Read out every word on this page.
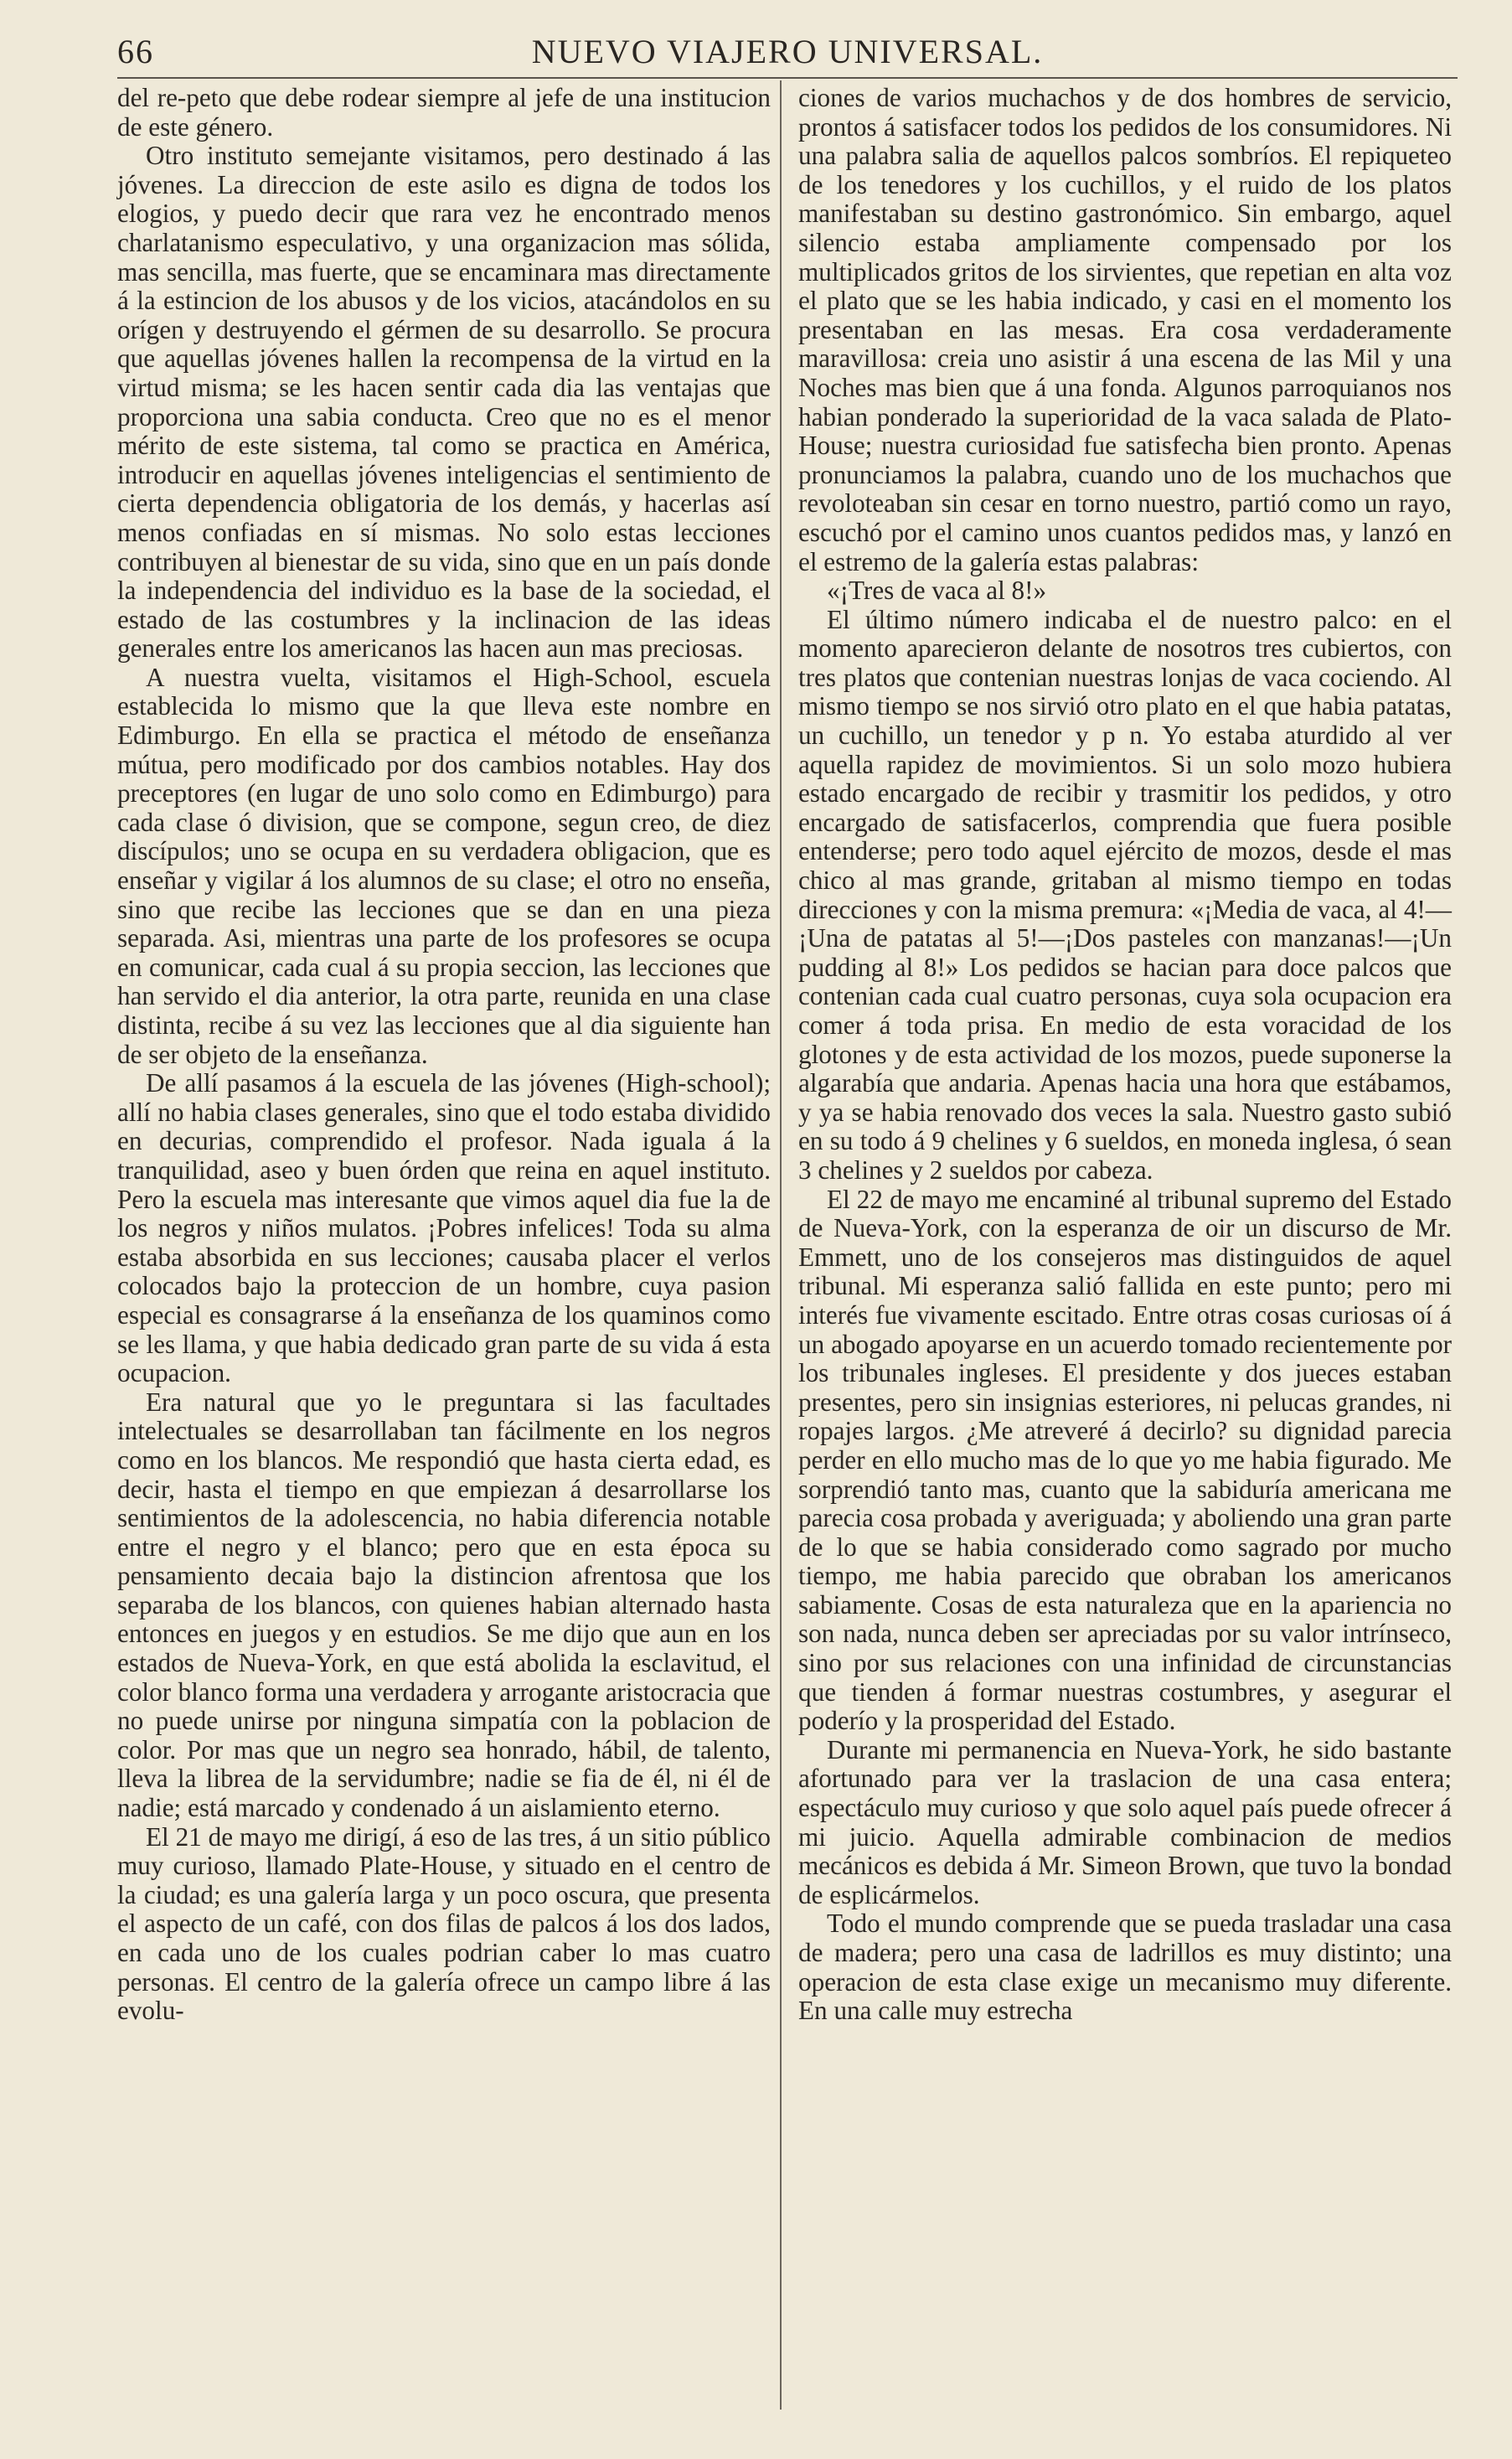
66	NUEVO VIAJERO UNIVERSAL.

del re-peto que debe rodear siempre al jefe de una institucion de este género.

Otro instituto semejante visitamos, pero destinado á las jóvenes. La direccion de este asilo es digna de todos los elogios, y puedo decir que rara vez he encontrado menos charlatanismo especulativo, y una organizacion mas sólida, mas sencilla, mas fuerte, que se encaminara mas directamente á la estincion de los abusos y de los vicios, atacándolos en su orígen y destruyendo el gérmen de su desarrollo. Se procura que aquellas jóvenes hallen la recompensa de la virtud en la virtud misma; se les hacen sentir cada dia las ventajas que proporciona una sabia conducta. Creo que no es el menor mérito de este sistema, tal como se practica en América, introducir en aquellas jóvenes inteligencias el sentimiento de cierta dependencia obligatoria de los demás, y hacerlas así menos confiadas en sí mismas. No solo estas lecciones contribuyen al bienestar de su vida, sino que en un país donde la independencia del individuo es la base de la sociedad, el estado de las costumbres y la inclinacion de las ideas generales entre los americanos las hacen aun mas preciosas.

A nuestra vuelta, visitamos el High-School, escuela establecida lo mismo que la que lleva este nombre en Edimburgo. En ella se practica el método de enseñanza mútua, pero modificado por dos cambios notables. Hay dos preceptores (en lugar de uno solo como en Edimburgo) para cada clase ó division, que se compone, segun creo, de diez discípulos; uno se ocupa en su verdadera obligacion, que es enseñar y vigilar á los alumnos de su clase; el otro no enseña, sino que recibe las lecciones que se dan en una pieza separada. Asi, mientras una parte de los profesores se ocupa en comunicar, cada cual á su propia seccion, las lecciones que han servido el dia anterior, la otra parte, reunida en una clase distinta, recibe á su vez las lecciones que al dia siguiente han de ser objeto de la enseñanza.

De allí pasamos á la escuela de las jóvenes (High-school); allí no habia clases generales, sino que el todo estaba dividido en decurias, comprendido el profesor. Nada iguala á la tranquilidad, aseo y buen órden que reina en aquel instituto. Pero la escuela mas interesante que vimos aquel dia fue la de los negros y niños mulatos. ¡Pobres infelices! Toda su alma estaba absorbida en sus lecciones; causaba placer el verlos colocados bajo la proteccion de un hombre, cuya pasion especial es consagrarse á la enseñanza de los quaminos como se les llama, y que habia dedicado gran parte de su vida á esta ocupacion.

Era natural que yo le preguntara si las facultades intelectuales se desarrollaban tan fácilmente en los negros como en los blancos. Me respondió que hasta cierta edad, es decir, hasta el tiempo en que empiezan á desarrollarse los sentimientos de la adolescencia, no habia diferencia notable entre el negro y el blanco; pero que en esta época su pensamiento decaia bajo la distincion afrentosa que los separaba de los blancos, con quienes habian alternado hasta entonces en juegos y en estudios. Se me dijo que aun en los estados de Nueva-York, en que está abolida la esclavitud, el color blanco forma una verdadera y arrogante aristocracia que no puede unirse por ninguna simpatía con la poblacion de color. Por mas que un negro sea honrado, hábil, de talento, lleva la librea de la servidumbre; nadie se fia de él, ni él de nadie; está marcado y condenado á un aislamiento eterno.

El 21 de mayo me dirigí, á eso de las tres, á un sitio público muy curioso, llamado Plate-House, y situado en el centro de la ciudad; es una galería larga y un poco oscura, que presenta el aspecto de un café, con dos filas de palcos á los dos lados, en cada uno de los cuales podrian caber lo mas cuatro personas. El centro de la galería ofrece un campo libre á las evolu-

ciones de varios muchachos y de dos hombres de servicio, prontos á satisfacer todos los pedidos de los consumidores. Ni una palabra salia de aquellos palcos sombríos. El repiqueteo de los tenedores y los cuchillos, y el ruido de los platos manifestaban su destino gastronómico. Sin embargo, aquel silencio estaba ampliamente compensado por los multiplicados gritos de los sirvientes, que repetian en alta voz el plato que se les habia indicado, y casi en el momento los presentaban en las mesas. Era cosa verdaderamente maravillosa: creia uno asistir á una escena de las Mil y una Noches mas bien que á una fonda. Algunos parroquianos nos habian ponderado la superioridad de la vaca salada de Plato-House; nuestra curiosidad fue satisfecha bien pronto. Apenas pronunciamos la palabra, cuando uno de los muchachos que revoloteaban sin cesar en torno nuestro, partió como un rayo, escuchó por el camino unos cuantos pedidos mas, y lanzó en el estremo de la galería estas palabras:

«¡Tres de vaca al 8!»

El último número indicaba el de nuestro palco: en el momento aparecieron delante de nosotros tres cubiertos, con tres platos que contenian nuestras lonjas de vaca cociendo. Al mismo tiempo se nos sirvió otro plato en el que habia patatas, un cuchillo, un tenedor y p n. Yo estaba aturdido al ver aquella rapidez de movimientos. Si un solo mozo hubiera estado encargado de recibir y trasmitir los pedidos, y otro encargado de satisfacerlos, comprendia que fuera posible entenderse; pero todo aquel ejército de mozos, desde el mas chico al mas grande, gritaban al mismo tiempo en todas direcciones y con la misma premura: «¡Media de vaca, al 4!—¡Una de patatas al 5!—¡Dos pasteles con manzanas!—¡Un pudding al 8!» Los pedidos se hacian para doce palcos que contenian cada cual cuatro personas, cuya sola ocupacion era comer á toda prisa. En medio de esta voracidad de los glotones y de esta actividad de los mozos, puede suponerse la algarabía que andaria. Apenas hacia una hora que estábamos, y ya se habia renovado dos veces la sala. Nuestro gasto subió en su todo á 9 chelines y 6 sueldos, en moneda inglesa, ó sean 3 chelines y 2 sueldos por cabeza.

El 22 de mayo me encaminé al tribunal supremo del Estado de Nueva-York, con la esperanza de oir un discurso de Mr. Emmett, uno de los consejeros mas distinguidos de aquel tribunal. Mi esperanza salió fallida en este punto; pero mi interés fue vivamente escitado. Entre otras cosas curiosas oí á un abogado apoyarse en un acuerdo tomado recientemente por los tribunales ingleses. El presidente y dos jueces estaban presentes, pero sin insignias esteriores, ni pelucas grandes, ni ropajes largos. ¿Me atreveré á decirlo? su dignidad parecia perder en ello mucho mas de lo que yo me habia figurado. Me sorprendió tanto mas, cuanto que la sabiduría americana me parecia cosa probada y averiguada; y aboliendo una gran parte de lo que se habia considerado como sagrado por mucho tiempo, me habia parecido que obraban los americanos sabiamente. Cosas de esta naturaleza que en la apariencia no son nada, nunca deben ser apreciadas por su valor intrínseco, sino por sus relaciones con una infinidad de circunstancias que tienden á formar nuestras costumbres, y asegurar el poderío y la prosperidad del Estado.

Durante mi permanencia en Nueva-York, he sido bastante afortunado para ver la traslacion de una casa entera; espectáculo muy curioso y que solo aquel país puede ofrecer á mi juicio. Aquella admirable combinacion de medios mecánicos es debida á Mr. Simeon Brown, que tuvo la bondad de esplicármelos.

Todo el mundo comprende que se pueda trasladar una casa de madera; pero una casa de ladrillos es muy distinto; una operacion de esta clase exige un mecanismo muy diferente. En una calle muy estrecha
